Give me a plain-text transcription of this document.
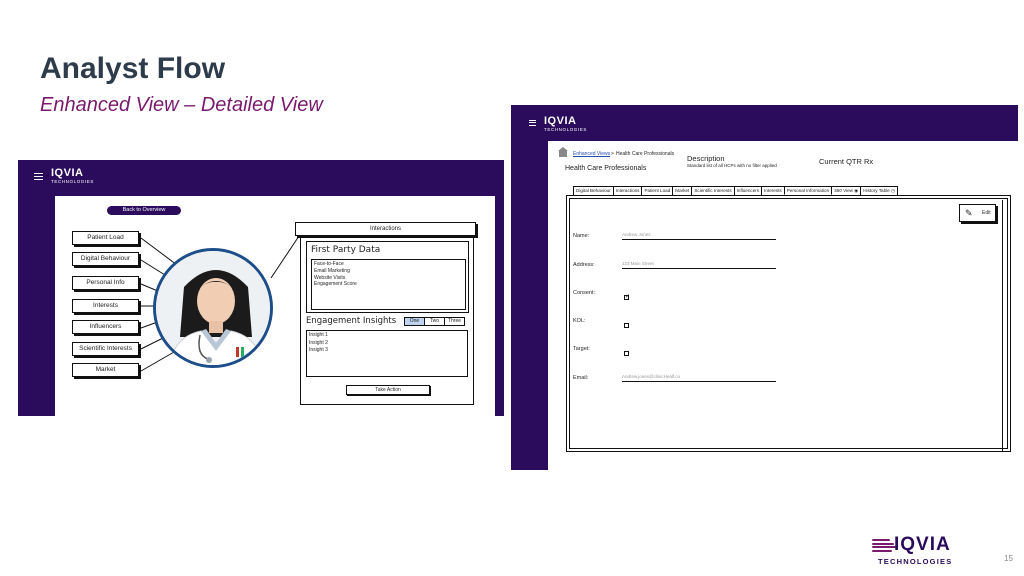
Analyst Flow
Enhanced View – Detailed View
IQVIA
TECHNOLOGIES
Back to Overview
Patient Load
Digital Behaviour
Personal Info
Interests
Influencers
Scientific Interests
Market
Interactions
First Party Data
Face-to-Face
Email Marketing
Website Visits
Engagement Score
Engagement Insights	One	Two	Three
Insight 1
Insight 2
Insight 3
Take Action
IQVIA
TECHNOLOGIES
Enhanced Views > Health Care Professionals
Health Care Professionals
Description
Standard list of all HCPs with no filter applied	Current QTR Rx
Digital Behaviour	Interactions	Patient Load	Market	Scientific Interests	Influencers	Interests	Personal Information	360 View ◉	History Table ◷
✎ Edit
Name:	Andrew Jones
Address:	123 Main Street
Consent:
✓
KOL:
Target:
Email:	Andrew.jones@clinicHealf.co
IQVIA
TECHNOLOGIES	15
